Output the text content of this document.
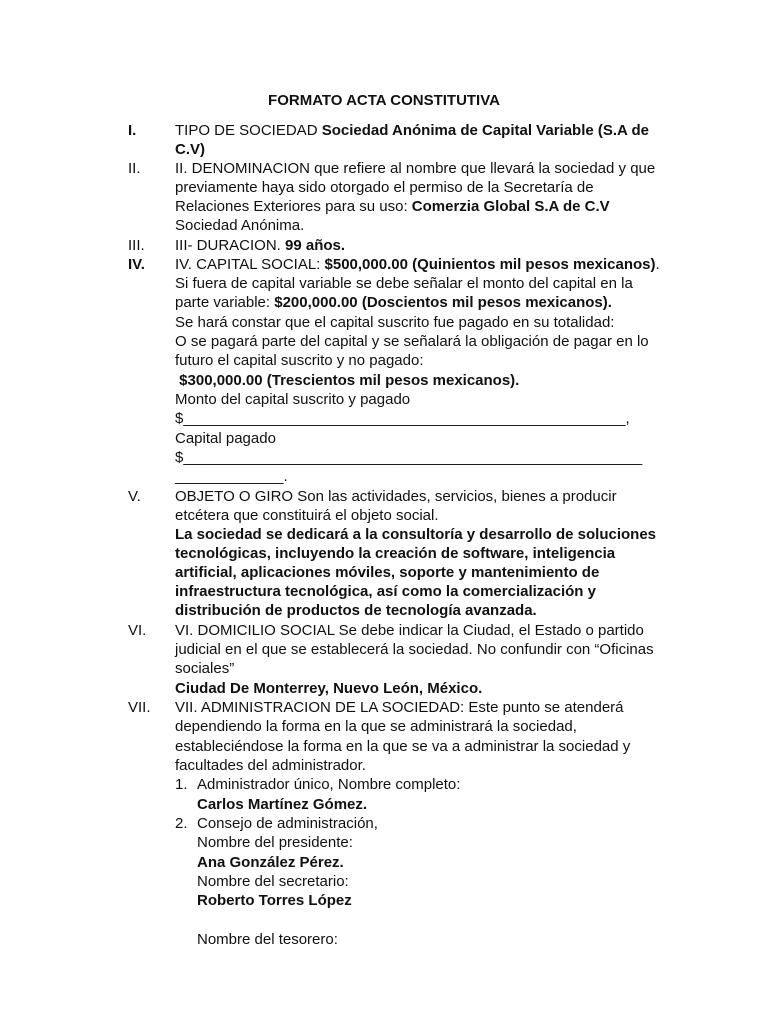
FORMATO ACTA CONSTITUTIVA
I.	TIPO DE SOCIEDAD Sociedad Anónima de Capital Variable (S.A de
C.V)
II. II. DENOMINACION que refiere al nombre que llevará la sociedad y que
previamente haya sido otorgado el permiso de la Secretaría de
Relaciones Exteriores para su uso: Comerzia Global S.A de C.V
Sociedad Anónima.
III. III- DURACION. 99 años.
IV. IV. CAPITAL SOCIAL: $500,000.00 (Quinientos mil pesos mexicanos).
Si fuera de capital variable se debe señalar el monto del capital en la
parte variable: $200,000.00 (Doscientos mil pesos mexicanos).
Se hará constar que el capital suscrito fue pagado en su totalidad:
O se pagará parte del capital y se señalará la obligación de pagar en lo
futuro el capital suscrito y no pagado:
$300,000.00 (Trescientos mil pesos mexicanos).
Monto del capital suscrito y pagado
$_____________________________________________________,
Capital pagado
$_______________________________________________________
_____________.
V. OBJETO O GIRO Son las actividades, servicios, bienes a producir
etcétera que constituirá el objeto social.
La sociedad se dedicará a la consultoría y desarrollo de soluciones
tecnológicas, incluyendo la creación de software, inteligencia
artificial, aplicaciones móviles, soporte y mantenimiento de
infraestructura tecnológica, así como la comercialización y
distribución de productos de tecnología avanzada.
VI. VI. DOMICILIO SOCIAL Se debe indicar la Ciudad, el Estado o partido
judicial en el que se establecerá la sociedad. No confundir con “Oficinas
sociales”
Ciudad De Monterrey, Nuevo León, México.
VII. VII. ADMINISTRACION DE LA SOCIEDAD: Este punto se atenderá
dependiendo la forma en la que se administrará la sociedad,
estableciéndose la forma en la que se va a administrar la sociedad y
facultades del administrador.
1. Administrador único, Nombre completo:
Carlos Martínez Gómez.
2. Consejo de administración,
Nombre del presidente:
Ana González Pérez.
Nombre del secretario:
Roberto Torres López
Nombre del tesorero:
